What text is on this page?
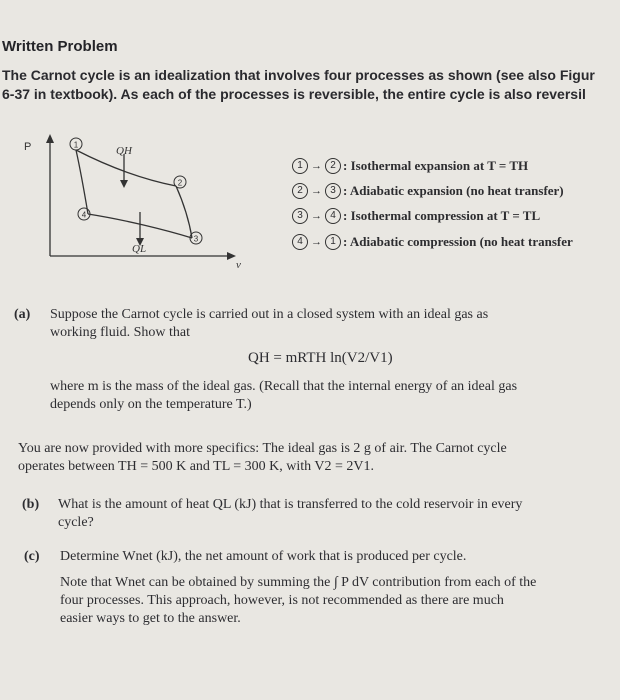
Written Problem
The Carnot cycle is an idealization that involves four processes as shown (see also Figur
6-37 in textbook). As each of the processes is reversible, the entire cycle is also reversil
P
v
QH
QL
1
2
3
4
1 → 2 : Isothermal expansion at T = TH
2 → 3 : Adiabatic expansion (no heat transfer)
3 → 4 : Isothermal compression at T = TL
4 → 1 : Adiabatic compression (no heat transfer
(a) Suppose the Carnot cycle is carried out in a closed system with an ideal gas as
working fluid. Show that
QH = mRTH ln(V2/V1)
where m is the mass of the ideal gas. (Recall that the internal energy of an ideal gas
depends only on the temperature T.)
You are now provided with more specifics: The ideal gas is 2 g of air. The Carnot cycle
operates between TH = 500 K and TL = 300 K, with V2 = 2V1.
(b) What is the amount of heat QL (kJ) that is transferred to the cold reservoir in every
cycle?
(c) Determine Wnet (kJ), the net amount of work that is produced per cycle.
Note that Wnet can be obtained by summing the ∫ P dV contribution from each of the
four processes. This approach, however, is not recommended as there are much
easier ways to get to the answer.
